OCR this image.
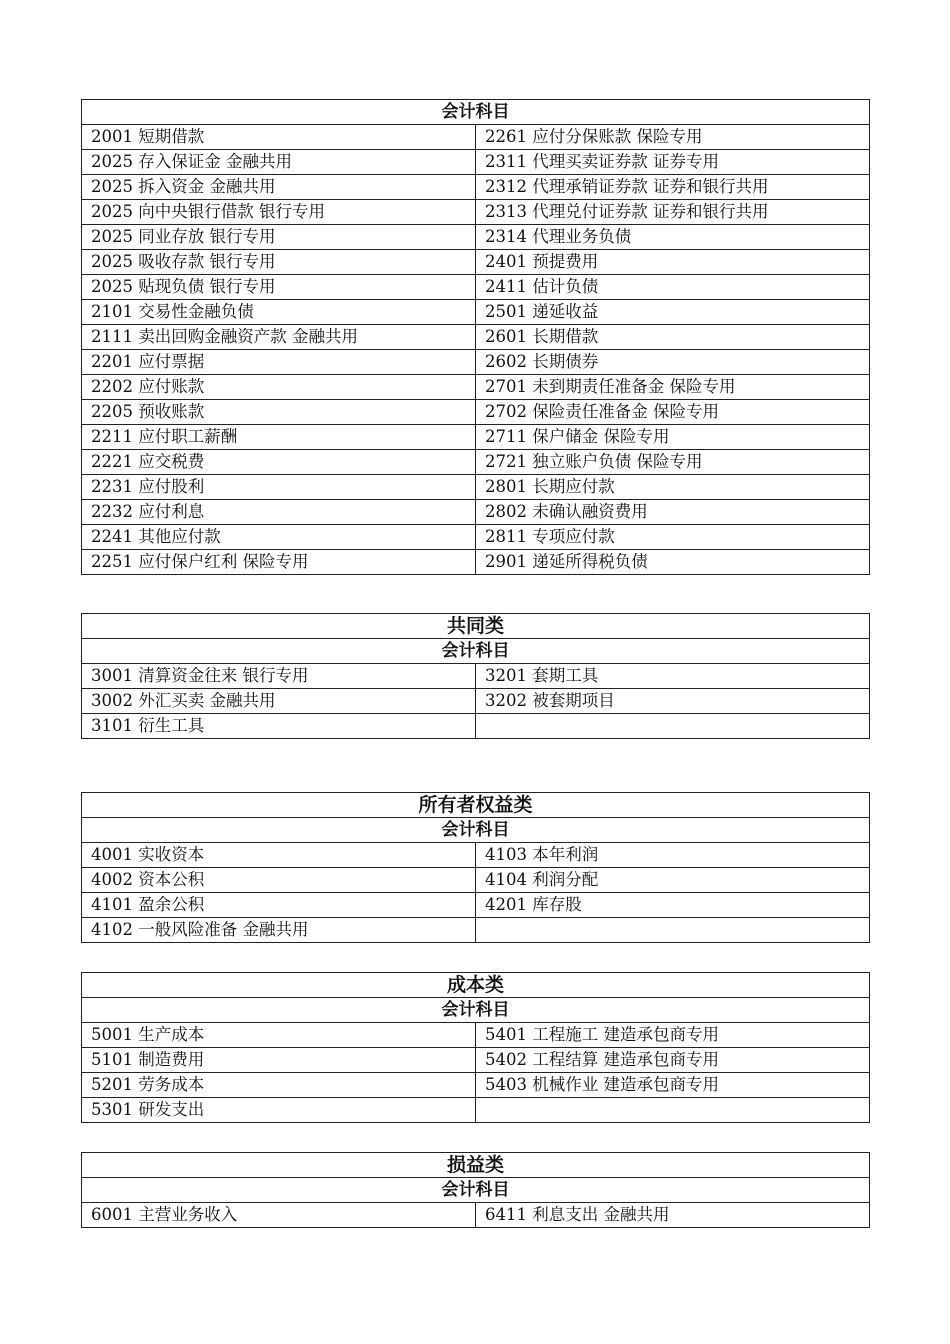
会计科目	
2001 短期借款	2261 应付分保账款 保险专用
2025 存入保证金 金融共用	2311 代理买卖证券款 证券专用
2025 拆入资金 金融共用	2312 代理承销证券款 证券和银行共用
2025 向中央银行借款 银行专用	2313 代理兑付证券款 证券和银行共用
2025 同业存放 银行专用	2314 代理业务负债
2025 吸收存款 银行专用	2401 预提费用
2025 贴现负债 银行专用	2411 估计负债
2101 交易性金融负债	2501 递延收益
2111 卖出回购金融资产款 金融共用	2601 长期借款
2201 应付票据	2602 长期债券
2202 应付账款	2701 未到期责任准备金 保险专用
2205 预收账款	2702 保险责任准备金 保险专用
2211 应付职工薪酬	2711 保户储金 保险专用
2221 应交税费	2721 独立账户负债 保险专用
2231 应付股利	2801 长期应付款
2232 应付利息	2802 未确认融资费用
2241 其他应付款	2811 专项应付款
2251 应付保户红利 保险专用	2901 递延所得税负债
共同类	
会计科目	
3001 清算资金往来 银行专用	3201 套期工具
3002 外汇买卖 金融共用	3202 被套期项目
3101 衍生工具	
所有者权益类	
会计科目	
4001 实收资本	4103 本年利润
4002 资本公积	4104 利润分配
4101 盈余公积	4201 库存股
4102 一般风险准备 金融共用	
成本类	
会计科目	
5001 生产成本	5401 工程施工 建造承包商专用
5101 制造费用	5402 工程结算 建造承包商专用
5201 劳务成本	5403 机械作业 建造承包商专用
5301 研发支出	
损益类
会计科目
6001 主营业务收入	6411 利息支出 金融共用
